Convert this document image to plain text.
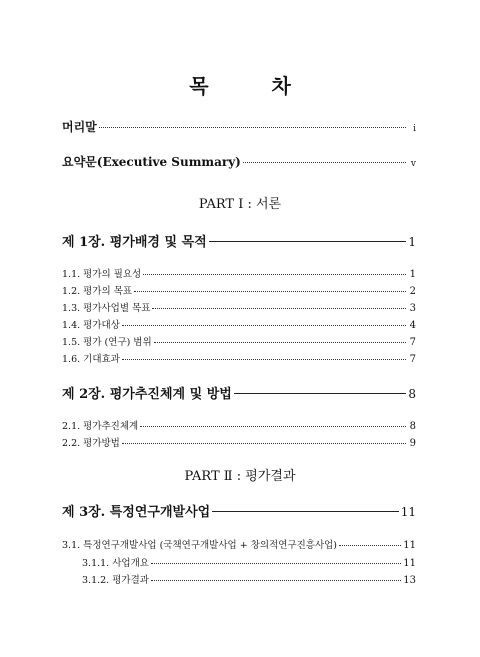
목 차
머리말	i
요약문(Executive Summary)	v
PART Ⅰ : 서론
제 1장. 평가배경 및 목적	1
1.1. 평가의 필요성	1
1.2. 평가의 목표	2
1.3. 평가사업별 목표	3
1.4. 평가대상	4
1.5. 평가 (연구) 범위	7
1.6. 기대효과	7
제 2장. 평가추진체계 및 방법	8
2.1. 평가추진체계	8
2.2. 평가방법	9
PART Ⅱ : 평가결과
제 3장. 특정연구개발사업	11
3.1. 특정연구개발사업 (국책연구개발사업 + 창의적연구진흥사업)	11
3.1.1. 사업개요	11
3.1.2. 평가결과	13
